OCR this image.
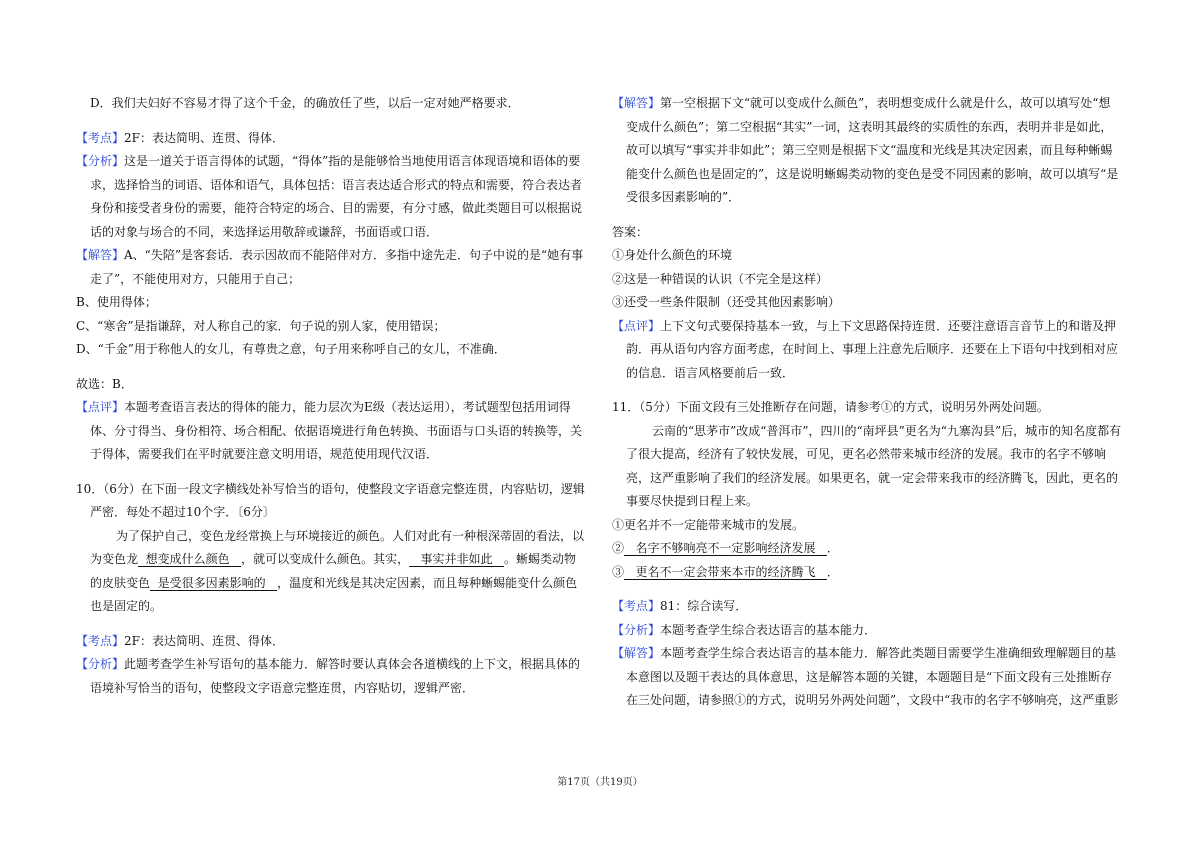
D．我们夫妇好不容易才得了这个千金，的确放任了些，以后一定对她严格要求．

【考点】2F：表达简明、连贯、得体．

【分析】这是一道关于语言得体的试题，“得体”指的是能够恰当地使用语言体现语境和语体的要求，选择恰当的词语、语体和语气，具体包括：语言表达适合形式的特点和需要，符合表达者身份和接受者身份的需要，能符合特定的场合、目的需要，有分寸感，做此类题目可以根据说话的对象与场合的不同，来选择运用敬辞或谦辞，书面语或口语．

【解答】A、“失陪”是客套话．表示因故而不能陪伴对方．多指中途先走．句子中说的是“她有事走了”，不能使用对方，只能用于自己；

B、使用得体；

C、“寒舍”是指谦辞，对人称自己的家．句子说的别人家，使用错误；

D、“千金”用于称他人的女儿，有尊贵之意，句子用来称呼自己的女儿，不准确．

故选：B．

【点评】本题考查语言表达的得体的能力，能力层次为E级（表达运用），考试题型包括用词得体、分寸得当、身份相符、场合相配、依据语境进行角色转换、书面语与口头语的转换等，关于得体，需要我们在平时就要注意文明用语，规范使用现代汉语．

10．（6分）在下面一段文字横线处补写恰当的语句，使整段文字语意完整连贯，内容贴切，逻辑严密．每处不超过10个字．〔6分〕

为了保护自己，变色龙经常换上与环境接近的颜色。人们对此有一种根深蒂固的看法，以为变色龙  想变成什么颜色   ，就可以变成什么颜色。其实，   事实并非如此   。蜥蜴类动物的皮肤变色  是受很多因素影响的   ，温度和光线是其决定因素，而且每种蜥蜴能变什么颜色也是固定的。

【考点】2F：表达简明、连贯、得体．

【分析】此题考查学生补写语句的基本能力．解答时要认真体会各道横线的上下文，根据具体的语境补写恰当的语句，使整段文字语意完整连贯，内容贴切，逻辑严密．

【解答】第一空根据下文“就可以变成什么颜色”，表明想变成什么就是什么，故可以填写处“想变成什么颜色”；第二空根据“其实”一词，这表明其最终的实质性的东西，表明并非是如此，故可以填写“事实并非如此”；第三空则是根据下文“温度和光线是其决定因素，而且每种蜥蜴能变什么颜色也是固定的”，这是说明蜥蜴类动物的变色是受不同因素的影响，故可以填写“是受很多因素影响的”．

答案：

①身处什么颜色的环境

②这是一种错误的认识（不完全是这样）

③还受一些条件限制（还受其他因素影响）

【点评】上下文句式要保持基本一致，与上下文思路保持连贯．还要注意语言音节上的和谐及押韵．再从语句内容方面考虑，在时间上、事理上注意先后顺序．还要在上下语句中找到相对应的信息．语言风格要前后一致．

11．（5分）下面文段有三处推断存在问题，请参考①的方式，说明另外两处问题。

云南的“思茅市”改成“普洱市”，四川的“南坪县”更名为“九寨沟县”后，城市的知名度都有了很大提高，经济有了较快发展，可见，更名必然带来城市经济的发展。我市的名字不够响亮，这严重影响了我们的经济发展。如果更名，就一定会带来我市的经济腾飞，因此，更名的事要尽快提到日程上来。

①更名并不一定能带来城市的发展。

②   名字不够响亮不一定影响经济发展   ．

③   更名不一定会带来本市的经济腾飞   ．

【考点】81：综合读写．

【分析】本题考查学生综合表达语言的基本能力．

【解答】本题考查学生综合表达语言的基本能力．解答此类题目需要学生准确细致理解题目的基本意图以及题干表达的具体意思，这是解答本题的关键，本题题目是“下面文段有三处推断存在三处问题，请参照①的方式，说明另外两处问题”，文段中“我市的名字不够响亮，这严重影

第17页（共19页）
